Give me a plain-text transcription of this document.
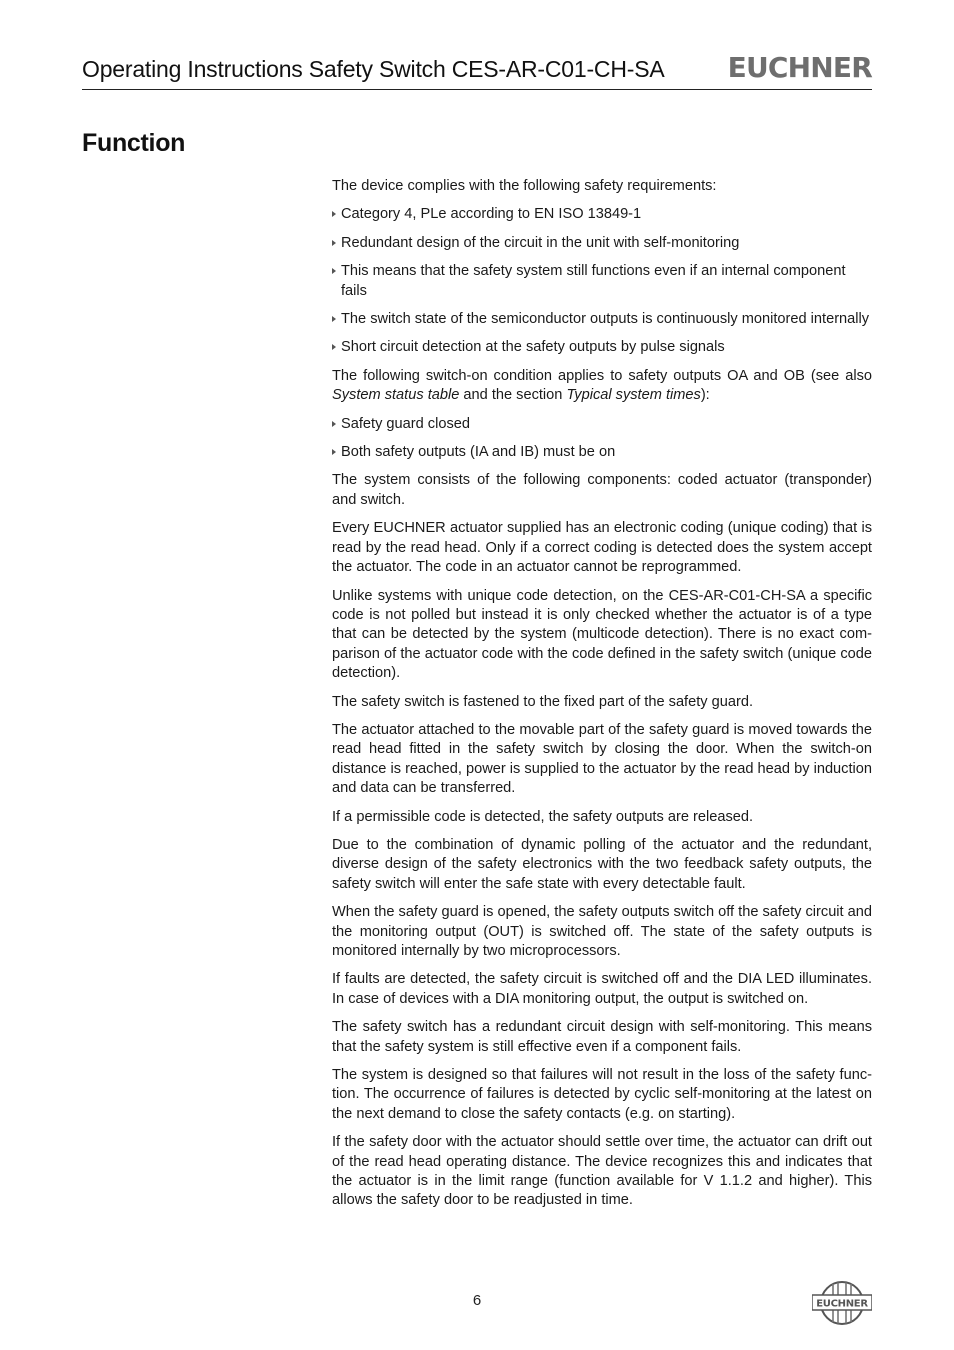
Operating Instructions Safety Switch CES-AR-C01-CH-SA EUCHNER
Function

The device complies with the following safety requirements:

Category 4, PLe according to EN ISO 13849-1
Redundant design of the circuit in the unit with self-monitoring
This means that the safety system still functions even if an internal component fails
The switch state of the semiconductor outputs is continuously monitored internally
Short circuit detection at the safety outputs by pulse signals

The following switch-on condition applies to safety outputs OA and OB (see also System status table and the section Typical system times):

Safety guard closed
Both safety outputs (IA and IB) must be on

The system consists of the following components: coded actuator (transponder) and switch.

Every EUCHNER actuator supplied has an electronic coding (unique coding) that is read by the read head. Only if a correct coding is detected does the system accept the actuator. The code in an actuator cannot be reprogrammed.

Unlike systems with unique code detection, on the CES-AR-C01-CH-SA a specific code is not polled but instead it is only checked whether the actuator is of a type that can be detected by the system (multicode detection). There is no exact comparison of the actuator code with the code defined in the safety switch (unique code detection).

The safety switch is fastened to the fixed part of the safety guard.

The actuator attached to the movable part of the safety guard is moved towards the read head fitted in the safety switch by closing the door. When the switch-on distance is reached, power is supplied to the actuator by the read head by induction and data can be transferred.

If a permissible code is detected, the safety outputs are released.

Due to the combination of dynamic polling of the actuator and the redundant, diverse design of the safety electronics with the two feedback safety outputs, the safety switch will enter the safe state with every detectable fault.

When the safety guard is opened, the safety outputs switch off the safety circuit and the monitoring output (OUT) is switched off. The state of the safety outputs is monitored internally by two microprocessors.

If faults are detected, the safety circuit is switched off and the DIA LED illuminates. In case of devices with a DIA monitoring output, the output is switched on.

The safety switch has a redundant circuit design with self-monitoring. This means that the safety system is still effective even if a component fails.

The system is designed so that failures will not result in the loss of the safety function. The occurrence of failures is detected by cyclic self-monitoring at the latest on the next demand to close the safety contacts (e.g. on starting).

If the safety door with the actuator should settle over time, the actuator can drift out of the read head operating distance. The device recognizes this and indicates that the actuator is in the limit range (function available for V 1.1.2 and higher). This allows the safety door to be readjusted in time.

6	EUCHNER
